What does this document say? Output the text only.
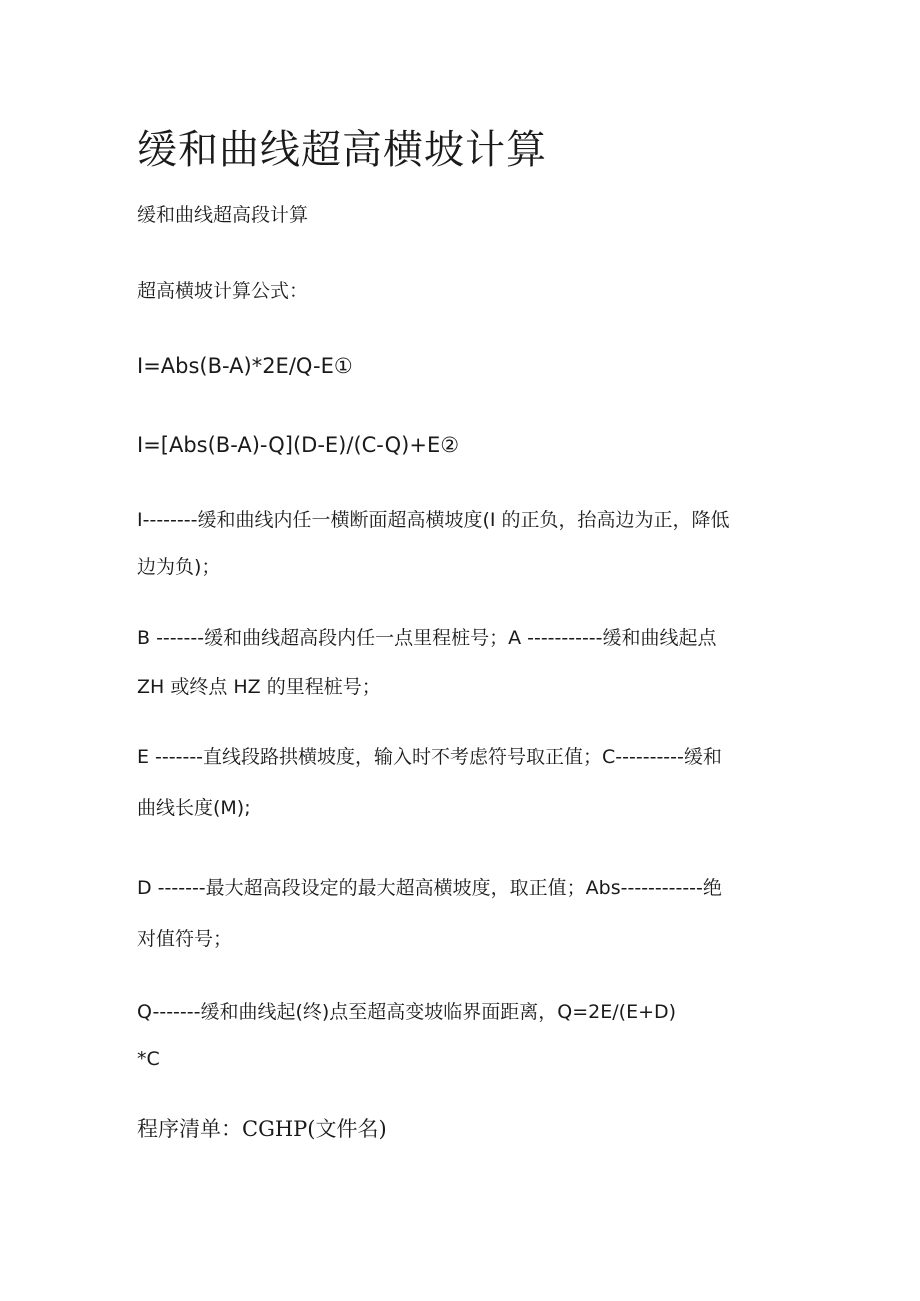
缓和曲线超高横坡计算
缓和曲线超高段计算
超高横坡计算公式：
I=Abs(B-A)*2E/Q-E①
I=[Abs(B-A)-Q](D-E)/(C-Q)+E②
I--------缓和曲线内任一横断面超高横坡度(I 的正负，抬高边为正，降低
边为负)；
B -------缓和曲线超高段内任一点里程桩号；A -----------缓和曲线起点
ZH 或终点 HZ 的里程桩号；
E -------直线段路拱横坡度，输入时不考虑符号取正值；C----------缓和
曲线长度(M);
D -------最大超高段设定的最大超高横坡度，取正值；Abs------------绝
对值符号；
Q-------缓和曲线起(终)点至超高变坡临界面距离，Q=2E/(E+D)
*C
程序清单：CGHP(文件名)
